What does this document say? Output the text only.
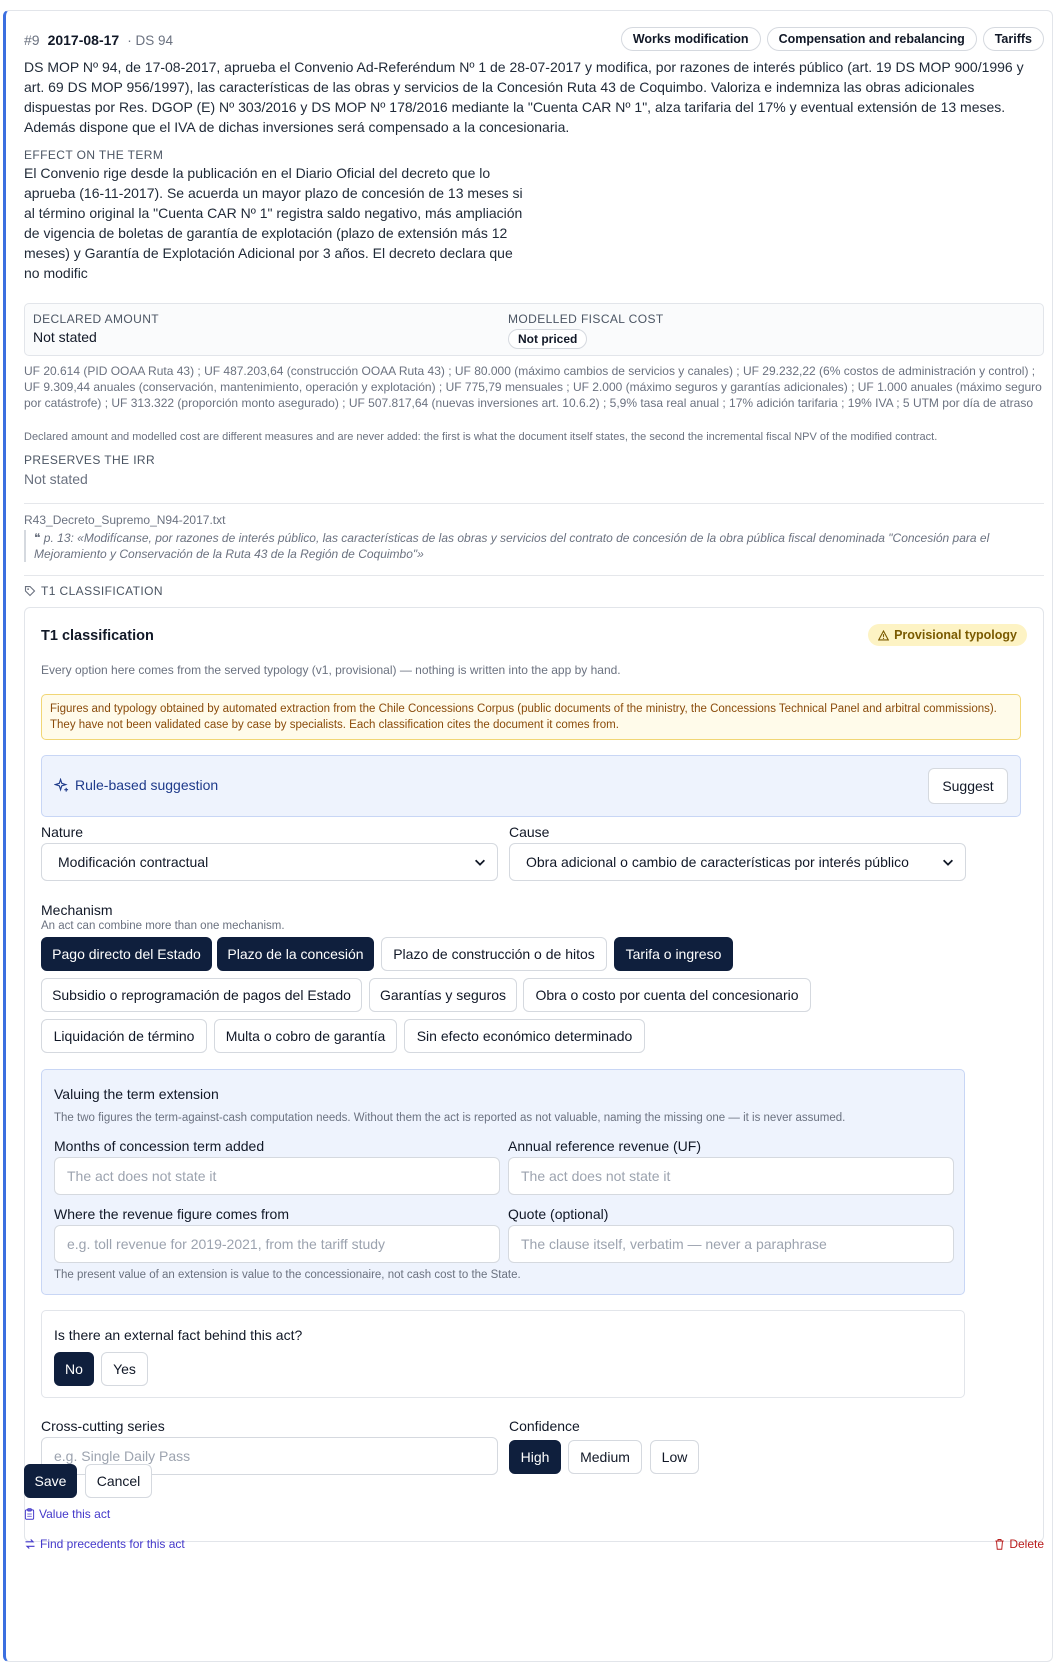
#9 2017-08-17 · DS 94	Works modification	Compensation and rebalancing	Tariffs
DS MOP Nº 94, de 17-08-2017, aprueba el Convenio Ad-Referéndum Nº 1 de 28-07-2017 y modifica, por razones de interés público (art. 19 DS MOP 900/1996 y art. 69 DS MOP 956/1997), las características de las obras y servicios de la Concesión Ruta 43 de Coquimbo. Valoriza e indemniza las obras adicionales dispuestas por Res. DGOP (E) Nº 303/2016 y DS MOP Nº 178/2016 mediante la "Cuenta CAR Nº 1", alza tarifaria del 17% y eventual extensión de 13 meses. Además dispone que el IVA de dichas inversiones será compensado a la concesionaria.
EFFECT ON THE TERM
El Convenio rige desde la publicación en el Diario Oficial del decreto que lo aprueba (16-11-2017). Se acuerda un mayor plazo de concesión de 13 meses si al término original la "Cuenta CAR Nº 1" registra saldo negativo, más ampliación de vigencia de boletas de garantía de explotación (plazo de extensión más 12 meses) y Garantía de Explotación Adicional por 3 años. El decreto declara que no modific
DECLARED AMOUNT
Not stated
MODELLED FISCAL COST
Not priced
UF 20.614 (PID OOAA Ruta 43) ; UF 487.203,64 (construcción OOAA Ruta 43) ; UF 80.000 (máximo cambios de servicios y canales) ; UF 29.232,22 (6% costos de administración y control) ; UF 9.309,44 anuales (conservación, mantenimiento, operación y explotación) ; UF 775,79 mensuales ; UF 2.000 (máximo seguros y garantías adicionales) ; UF 1.000 anuales (máximo seguro por catástrofe) ; UF 313.322 (proporción monto asegurado) ; UF 507.817,64 (nuevas inversiones art. 10.6.2) ; 5,9% tasa real anual ; 17% adición tarifaria ; 19% IVA ; 5 UTM por día de atraso
Declared amount and modelled cost are different measures and are never added: the first is what the document itself states, the second the incremental fiscal NPV of the modified contract.
PRESERVES THE IRR
Not stated
R43_Decreto_Supremo_N94-2017.txt
❝ p. 13: «Modifícanse, por razones de interés público, las características de las obras y servicios del contrato de concesión de la obra pública fiscal denominada "Concesión para el Mejoramiento y Conservación de la Ruta 43 de la Región de Coquimbo"»
T1 CLASSIFICATION
T1 classification	Provisional typology
Every option here comes from the served typology (v1, provisional) — nothing is written into the app by hand.
Figures and typology obtained by automated extraction from the Chile Concessions Corpus (public documents of the ministry, the Concessions Technical Panel and arbitral commissions). They have not been validated case by case by specialists. Each classification cites the document it comes from.
Rule-based suggestion	Suggest
Nature
Modificación contractual
Cause
Obra adicional o cambio de características por interés público
Mechanism
An act can combine more than one mechanism.
Pago directo del Estado	Plazo de la concesión	Plazo de construcción o de hitos	Tarifa o ingreso
Subsidio o reprogramación de pagos del Estado	Garantías y seguros	Obra o costo por cuenta del concesionario
Liquidación de término	Multa o cobro de garantía	Sin efecto económico determinado
Valuing the term extension
The two figures the term-against-cash computation needs. Without them the act is reported as not valuable, naming the missing one — it is never assumed.
Months of concession term added
The act does not state it
Annual reference revenue (UF)
The act does not state it
Where the revenue figure comes from
e.g. toll revenue for 2019-2021, from the tariff study
Quote (optional)
The clause itself, verbatim — never a paraphrase
The present value of an extension is value to the concessionaire, not cash cost to the State.
Is there an external fact behind this act?
No	Yes
Cross-cutting series
e.g. Single Daily Pass
Confidence
High	Medium	Low
Save	Cancel
Value this act
Find precedents for this act	Delete
